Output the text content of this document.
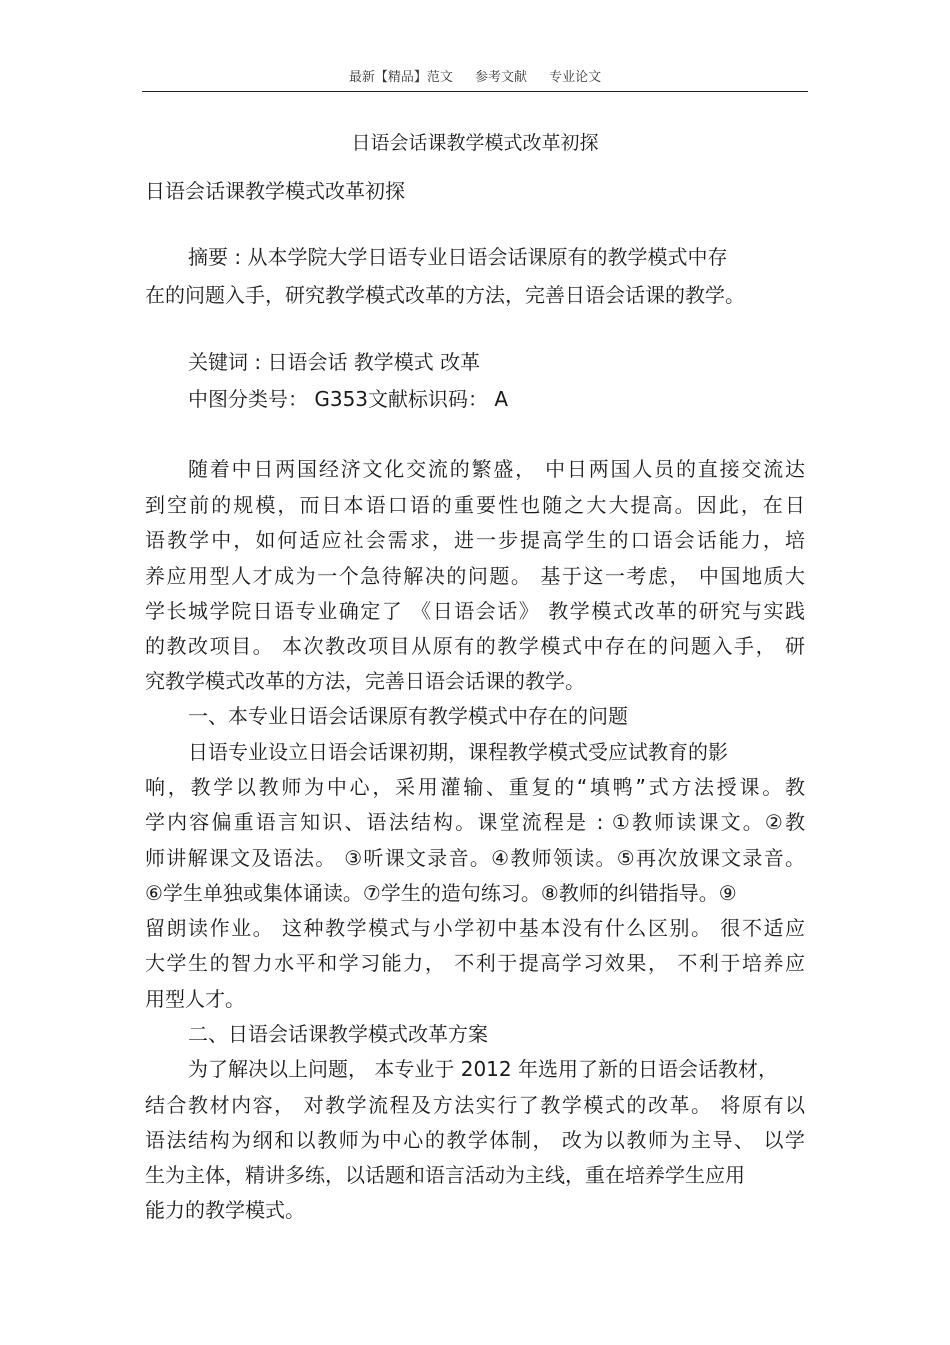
最新【精品】范文 参考文献 专业论文
日语会话课教学模式改革初探
日语会话课教学模式改革初探
摘要 : 从本学院大学日语专业日语会话课原有的教学模式中存
在的问题入手，研究教学模式改革的方法，完善日语会话课的教学。
关键词 : 日语会话 教学模式 改革
中图分类号： G353文献标识码： A
随着中日两国经济文化交流的繁盛， 中日两国人员的直接交流达
到空前的规模，而日本语口语的重要性也随之大大提高。因此，在日
语教学中，如何适应社会需求，进一步提高学生的口语会话能力，培
养应用型人才成为一个急待解决的问题。 基于这一考虑， 中国地质大
学长城学院日语专业确定了 《日语会话》 教学模式改革的研究与实践
的教改项目。 本次教改项目从原有的教学模式中存在的问题入手， 研
究教学模式改革的方法，完善日语会话课的教学。
一、本专业日语会话课原有教学模式中存在的问题
日语专业设立日语会话课初期，课程教学模式受应试教育的影
响，教学以教师为中心，采用灌输、重复的“填鸭”式方法授课。教
学内容偏重语言知识、语法结构。课堂流程是 : ①教师读课文。②教
师讲解课文及语法。 ③听课文录音。④教师领读。⑤再次放课文录音。
⑥学生单独或集体诵读。⑦学生的造句练习。⑧教师的纠错指导。⑨
留朗读作业。 这种教学模式与小学初中基本没有什么区别。 很不适应
大学生的智力水平和学习能力， 不利于提高学习效果， 不利于培养应
用型人才。
二、日语会话课教学模式改革方案
为了解决以上问题， 本专业于 2012 年选用了新的日语会话教材，
结合教材内容， 对教学流程及方法实行了教学模式的改革。 将原有以
语法结构为纲和以教师为中心的教学体制， 改为以教师为主导、 以学
生为主体，精讲多练，以话题和语言活动为主线，重在培养学生应用
能力的教学模式。
